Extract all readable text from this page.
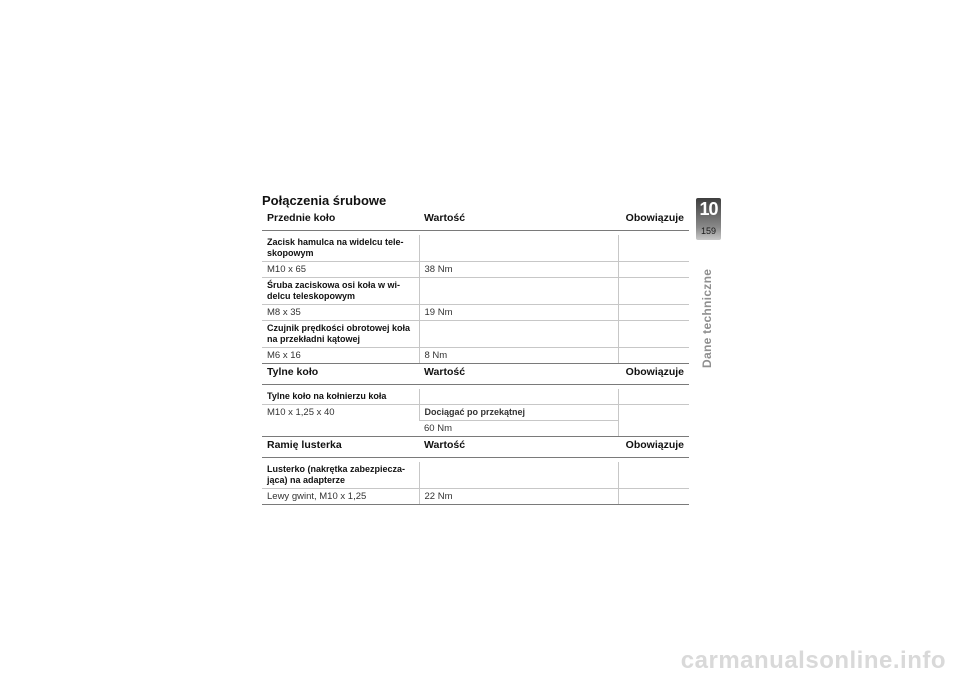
Połączenia śrubowe
Przednie koło	Wartość	Obowiązuje

Zacisk hamulca na widelcu tele-skopowym		
M10 x 65	38 Nm	
Śruba zaciskowa osi koła w wi-delcu teleskopowym		
M8 x 35	19 Nm	
Czujnik prędkości obrotowej koła na przekładni kątowej		
M6 x 16	8 Nm	
Tylne koło	Wartość	Obowiązuje

Tylne koło na kołnierzu koła		
M10 x 1,25 x 40	Dociągać po przekątnej	
	60 Nm	
Ramię lusterka	Wartość	Obowiązuje

Lusterko (nakrętka zabezpiecza-jąca) na adapterze		
Lewy gwint, M10 x 1,25	22 Nm	
10
159
Dane techniczne
carmanualsonline.info
